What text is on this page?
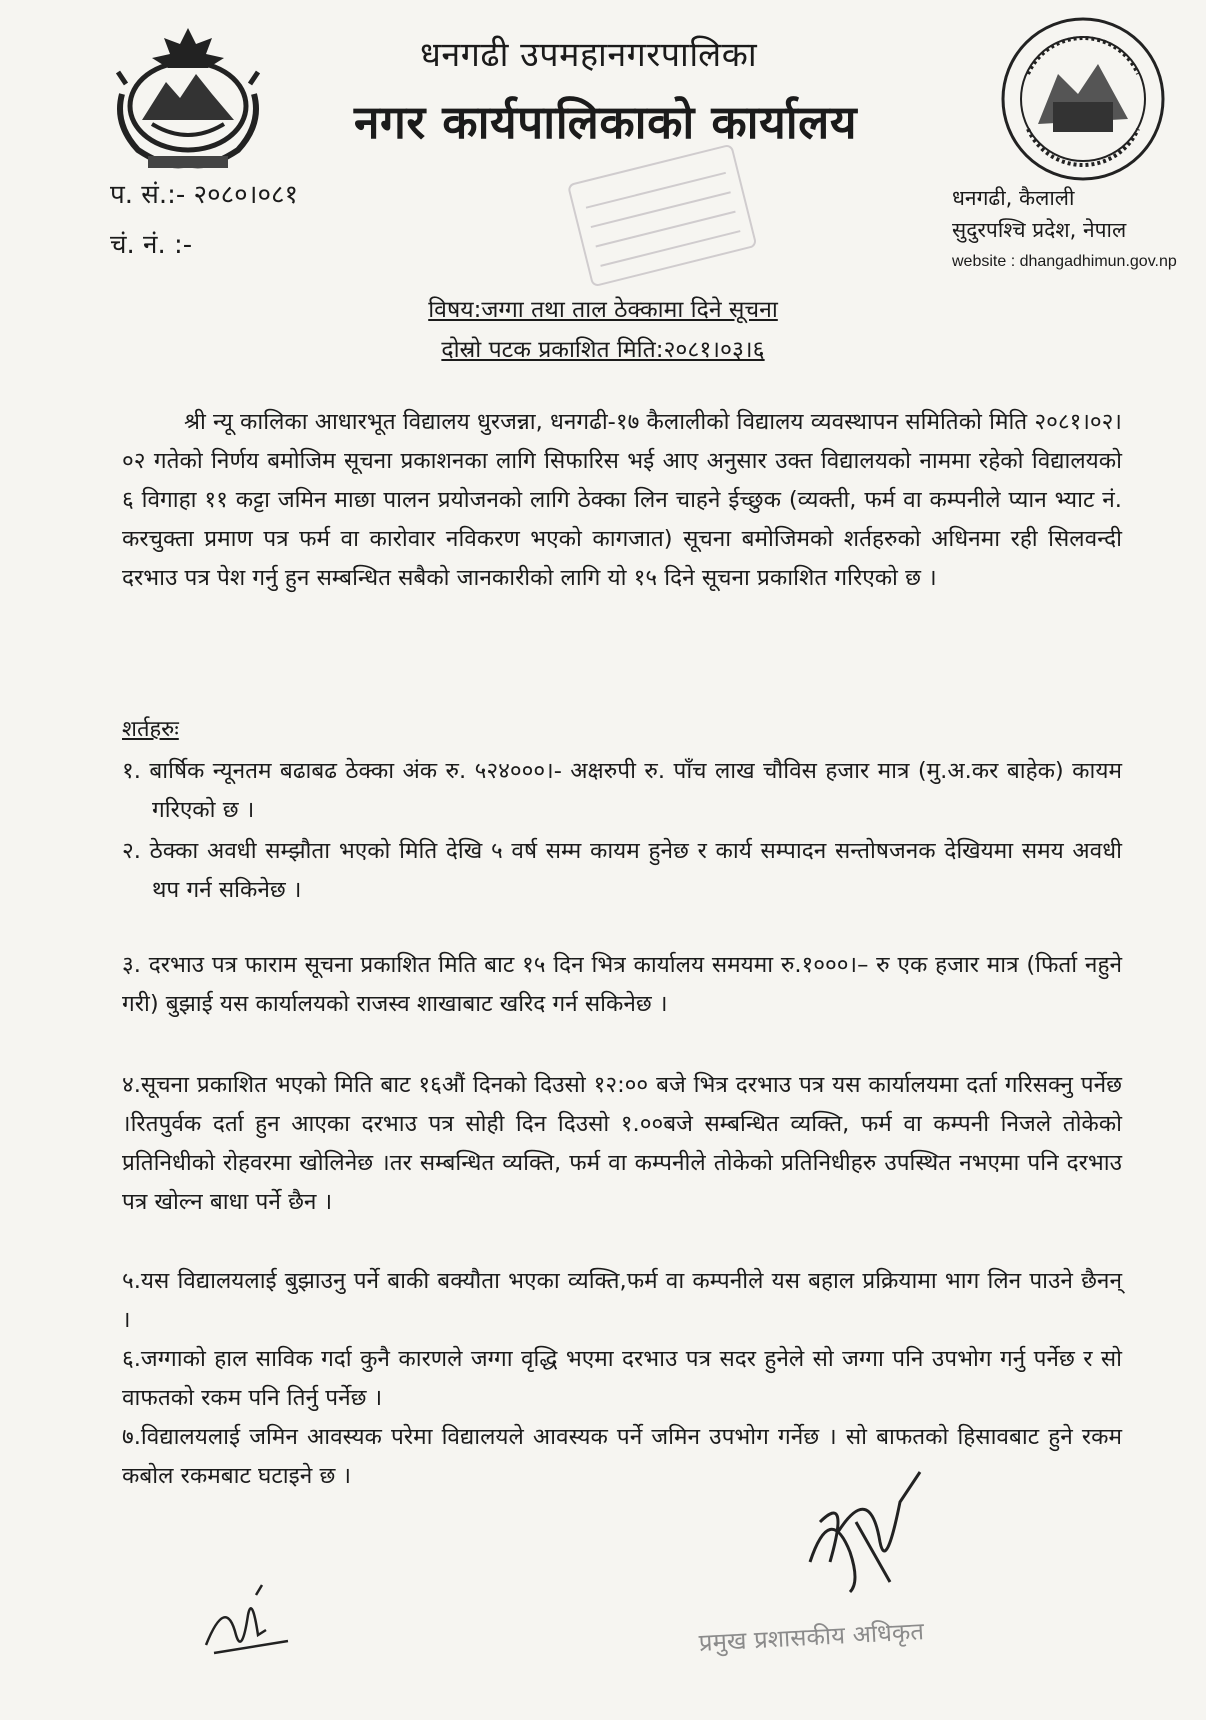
धनगढी उपमहानगरपालिका
नगर कार्यपालिकाको कार्यालय
प. सं.:- २०८०।०८१
चं. नं. :-
धनगढी, कैलाली
सुदुरपश्चि प्रदेश, नेपाल
website : dhangadhimun.gov.np
विषय:जग्गा तथा ताल ठेक्कामा दिने सूचना
दोस्रो पटक प्रकाशित मिति:२०८१।०३।६
श्री न्यू कालिका आधारभूत विद्यालय धुरजन्ना, धनगढी-१७ कैलालीको विद्यालय व्यवस्थापन समितिको मिति २०८१।०२।०२ गतेको निर्णय बमोजिम सूचना प्रकाशनका लागि सिफारिस भई आए अनुसार उक्त विद्यालयको नाममा रहेको विद्यालयको ६ विगाहा ११ कट्टा जमिन माछा पालन प्रयोजनको लागि ठेक्का लिन चाहने ईच्छुक (व्यक्ती, फर्म वा कम्पनीले प्यान भ्याट नं. करचुक्ता प्रमाण पत्र फर्म वा कारोवार नविकरण भएको कागजात) सूचना बमोजिमको शर्तहरुको अधिनमा रही सिलवन्दी दरभाउ पत्र पेश गर्नु हुन सम्बन्धित सबैको जानकारीको लागि यो १५ दिने सूचना प्रकाशित गरिएको छ ।
शर्तहरुः
१. बार्षिक न्यूनतम बढाबढ ठेक्का अंक रु. ५२४०००।- अक्षरुपी रु. पाँच लाख चौविस हजार मात्र (मु.अ.कर बाहेक) कायम गरिएको छ ।
२. ठेक्का अवधी सम्झौता भएको मिति देखि ५ वर्ष सम्म कायम हुनेछ र कार्य सम्पादन सन्तोषजनक देखियमा समय अवधी थप गर्न सकिनेछ ।
३. दरभाउ पत्र फाराम सूचना प्रकाशित मिति बाट १५ दिन भित्र कार्यालय समयमा रु.१०००।– रु एक हजार मात्र (फिर्ता नहुने गरी) बुझाई यस कार्यालयको राजस्व शाखाबाट खरिद गर्न सकिनेछ ।
४.सूचना प्रकाशित भएको मिति बाट १६औं दिनको दिउसो १२:०० बजे भित्र दरभाउ पत्र यस कार्यालयमा दर्ता गरिसक्नु पर्नेछ ।रितपुर्वक दर्ता हुन आएका दरभाउ पत्र सोही दिन दिउसो १.००बजे सम्बन्धित व्यक्ति, फर्म वा कम्पनी निजले तोकेको प्रतिनिधीको रोहवरमा खोलिनेछ ।तर सम्बन्धित व्यक्ति, फर्म वा कम्पनीले तोकेको प्रतिनिधीहरु उपस्थित नभएमा पनि दरभाउ पत्र खोल्न बाधा पर्ने छैन ।
५.यस विद्यालयलाई बुझाउनु पर्ने बाकी बक्यौता भएका व्यक्ति,फर्म वा कम्पनीले यस बहाल प्रक्रियामा भाग लिन पाउने छैनन् ।
६.जग्गाको हाल साविक गर्दा कुनै कारणले जग्गा वृद्धि भएमा दरभाउ पत्र सदर हुनेले सो जग्गा पनि उपभोग गर्नु पर्नेछ र सो वाफतको रकम पनि तिर्नु पर्नेछ ।
७.विद्यालयलाई जमिन आवस्यक परेमा विद्यालयले आवस्यक पर्ने जमिन उपभोग गर्नेछ । सो बाफतको हिसावबाट हुने रकम कबोल रकमबाट घटाइने छ ।
प्रमुख प्रशासकीय अधिकृत
